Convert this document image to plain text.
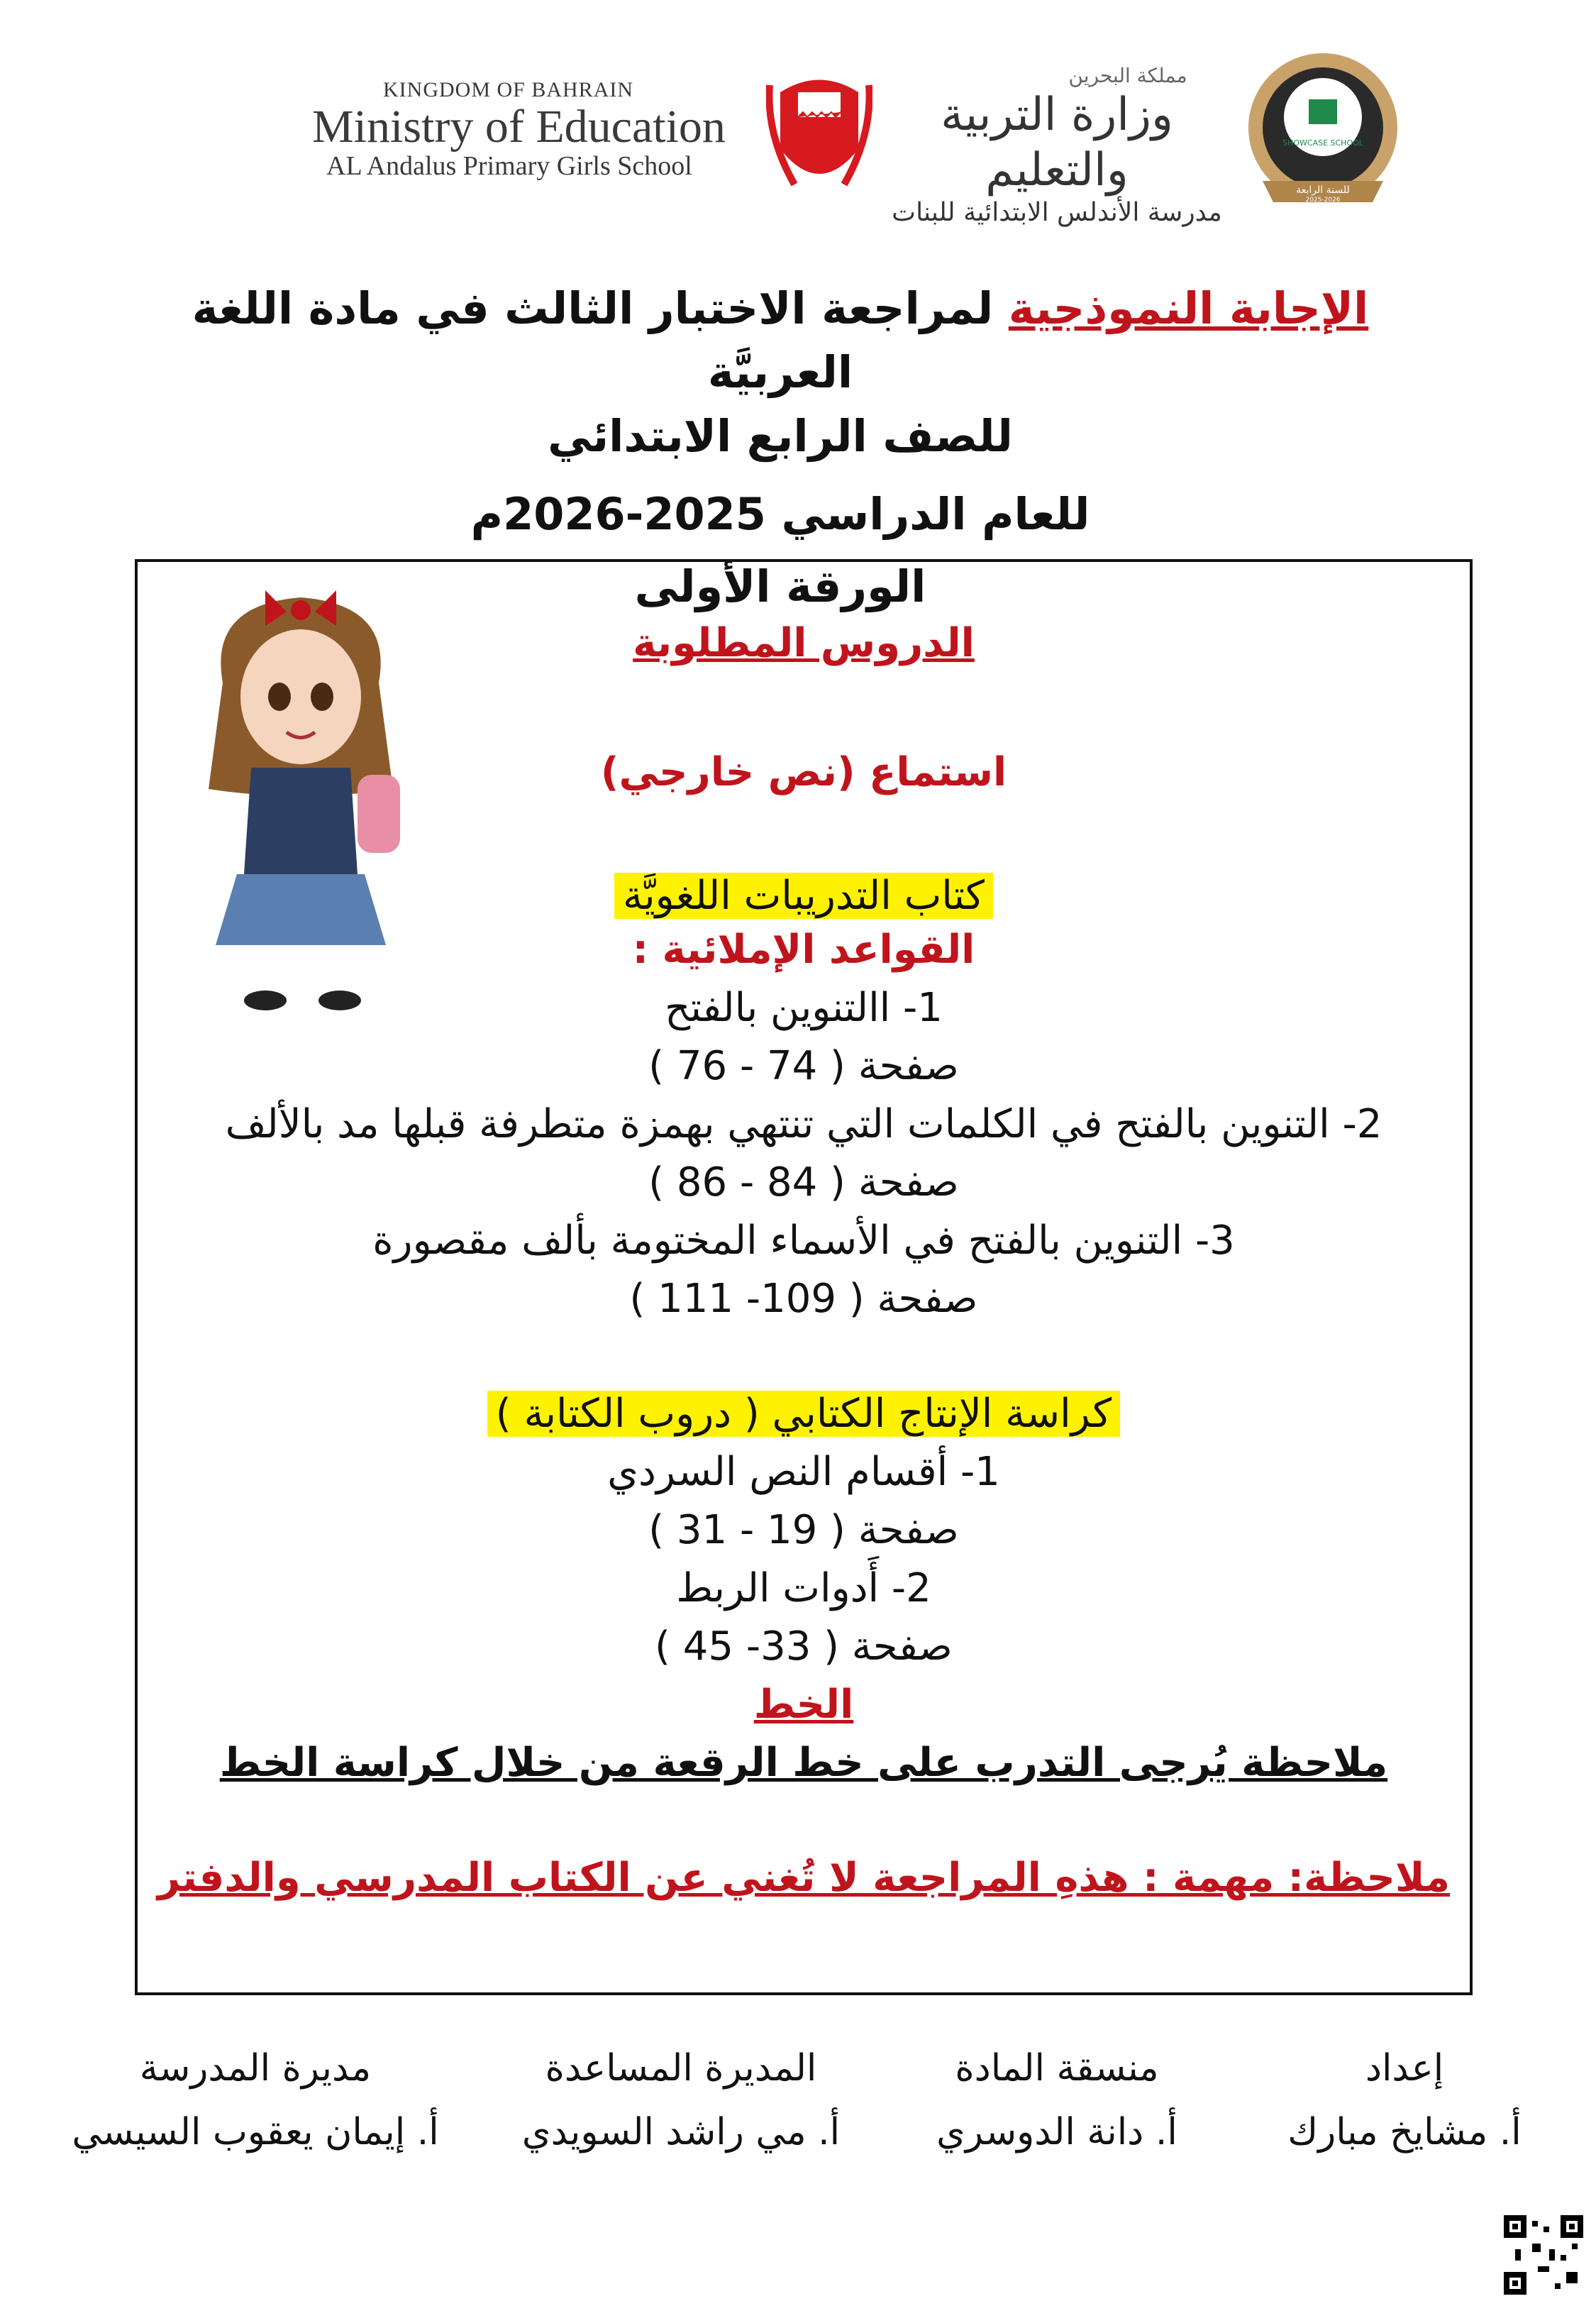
KINGDOM OF BAHRAIN
Ministry of Education
AL Andalus Primary Girls School
مملكة البحرين
وزارة التربية والتعليم
مدرسة الأندلس الابتدائية للبنات
SHOWCASE SCHOOL
للسنة الرابعة
2025-2026
الإجابة النموذجية لمراجعة الاختبار الثالث في مادة اللغة العربيَّة
للصف الرابع الابتدائي
للعام الدراسي 2025-2026م
الورقة الأولى
الدروس المطلوبة
استماع (نص خارجي)
كتاب التدريبات اللغويَّة
القواعد الإملائية :
1- اا‌لتنوين بالفتح
صفحة ( 74 - 76 )
2- التنوين بالفتح في الكلمات التي تنتهي بهمزة متطرفة قبلها مد بالألف
صفحة ( 84 - 86 )
3- التنوين بالفتح في الأسماء المختومة بألف مقصورة
صفحة ( 109- 111 )
كراسة الإنتاج الكتابي ( دروب الكتابة )
1- أقسام النص السردي
صفحة ( 19 - 31 )
2- أَدوات الربط
صفحة ( 33- 45 )
الخط
ملاحظة يُرجى التدرب على خط الرقعة من خلال كراسة الخط
ملاحظة: مهمة : هذهِ المراجعة لا تُغني عن الكتاب المدرسي والدفتر
إعداد
أ. مشايخ مبارك
منسقة المادة
أ. دانة الدوسري
المديرة المساعدة
أ. مي راشد السويدي
مديرة المدرسة
أ. إيمان يعقوب السيسي
